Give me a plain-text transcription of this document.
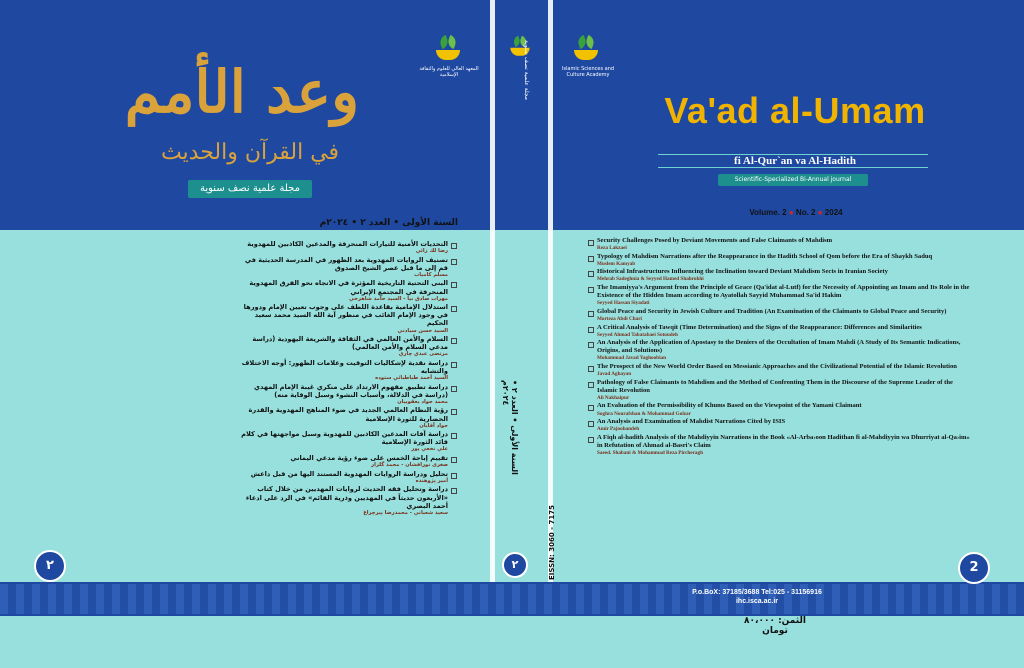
المعهد العالي للعلوم والثقافة الإسلامية
وعد الأمم
في القرآن والحديث
مجلة علمية نصف سنوية
السنة الأولى • العدد ٢ • ٢٠٢٤م
التحديات الأمنية للتيارات المنحرفة والمدعين الكاذبين للمهدوية
رضا لك زائي
تصنيف الروايات المهدوية بعد الظهور في المدرسة الحديثية في قم إلى ما قبل عصر الشيخ الصدوق
مسلم كامياب
البنى التحتية التاريخية المؤثرة في الاتجاه نحو الفرق المهدوية المنحرفة في المجتمع الإيراني
مهراب صادق نيا - السيد حامد شاهرخي
استدلال الإمامية بقاعدة اللطف على وجوب تعيين الإمام ودورها في وجود الإمام الغائب في منظور آية الله السيد محمد سعيد الحكيم
السيد حسن سيادتي
السلام والأمن العالمي في الثقافة والشريعة اليهودية (دراسة مدعي السلام والأمن العالمي)
مرتضى عبدي چاري
دراسة نقدية لإشكاليات التوقيت وعلامات الظهور: أوجه الاختلاف والتشابه
السيد أحمد طباطبائي ستوده
دراسة تطبيق مفهوم الارتداد على منكري غيبة الإمام المهدي (دراسة في الدلالة، وأسباب النشوء وسبل الوقاية منه)
محمد جواد يعقوبيان
رؤية النظام العالمي الجديد في ضوء المناهج المهدوية والقدرة الحضارية للثورة الإسلامية
جواد آقايان
دراسة آفات المدعين الكاذبين للمهدوية وسبل مواجهتها في كلام قائد الثورة الإسلامية
علي نخعي پور
تقييم إباحة الخمس على ضوء رؤية مدعي اليماني
صغرى نورافشان - محمد گلزار
تحليل ودراسة الروايات المهدوية المستند اليها من قبل داعش
أمير پژوهنده
دراسة وتحليل فقه الحديث لروايات المهديين من خلال كتاب «الأربعون حديثاً في المهديين وذرية القائم» في الرد على ادعاء أحمد البصري
سعيد شعباني - محمدرضا پيرچراغ
٢
مجلة علمية نصف سنوية
وعد الأمم
السنة الأولى • العدد ٢ • ٢٠٢٤م
٢	EISSN: 3060 - 7175
Islamic Sciences and Culture Academy
Va'ad al-Umam
fi Al-Qur`an va Al-Hadith
Scientific-Specialized Bi-Annual journal
Volume. 2 ● No. 2 ● 2024
Security Challenges Posed by Deviant Movements and False Claimants of Mahdism
Reza Lakzaei
Typology of Mahdism Narrations after the Reappearance in the Hadith School of Qom before the Era of Shaykh Saduq
Muslem Kamyab
Historical Infrastructures Influencing the Inclination toward Deviant Mahdism Sects in Iranian Society
Mehrab Sadeghnia & Seyyed Hamed Shahrokhi
The Imamiyya's Argument from the Principle of Grace (Qa'idat al-Lutf) for the Necessity of Appointing an Imam and Its Role in the Existence of the Hidden Imam according to Ayatollah Sayyid Muhammad Sa'id Hakim
Seyyed Hassan Siyadati
Global Peace and Security in Jewish Culture and Tradition (An Examination of the Claimants to Global Peace and Security)
Morteza Abdi Chari
A Critical Analysis of Tawqit (Time Determination) and the Signs of the Reappearance: Differences and Similarities
Seyyed Ahmad Tabatabaei Sotoudeh
An Analysis of the Application of Apostasy to the Deniers of the Occultation of Imam Mahdi (A Study of Its Semantic Indications, Origins, and Solutions)
Mohammad Javad Yaghoobian
The Prospect of the New World Order Based on Messianic Approaches and the Civilizational Potential of the Islamic Revolution
Javad Aghayan
Pathology of False Claimants to Mahdism and the Method of Confronting Them in the Discourse of the Supreme Leader of the Islamic Revolution
Ali Nakhaipur
An Evaluation of the Permissibility of Khums Based on the Viewpoint of the Yamani Claimant
Soghra Nourafshan & Mohammad Golzar
An Analysis and Examination of Mahdist Narrations Cited by ISIS
Amir Pajoohandeh
A Fiqh al-hadith Analysis of the Mahdiyyin Narrations in the Book «Al-Arba›oon Hadithan fi al-Mahdiyyin wa Dhurriyat al-Qa›im» in Refutation of Ahmad al-Basri's Claim
Saeed. Shabani & Mohammad Reza Pircheragh
2
P.o.BoX: 37185/3688 Tel:025 - 31156916
ihc.isca.ac.ir
الثمن: ٨٠،٠٠٠ تومان
